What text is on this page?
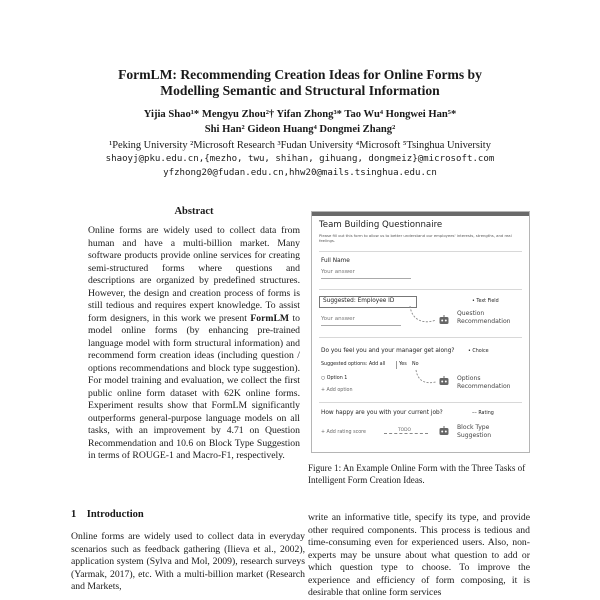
FormLM: Recommending Creation Ideas for Online Forms by
Modelling Semantic and Structural Information
Yijia Shao¹* Mengyu Zhou²† Yifan Zhong³* Tao Wu⁴ Hongwei Han⁵*
Shi Han² Gideon Huang⁴ Dongmei Zhang²
¹Peking University ²Microsoft Research ³Fudan University ⁴Microsoft ⁵Tsinghua University
shaoyj@pku.edu.cn,{mezho, twu, shihan, gihuang, dongmeiz}@microsoft.com
yfzhong20@fudan.edu.cn,hhw20@mails.tsinghua.edu.cn
Abstract
Online forms are widely used to collect data from human and have a multi-billion market. Many software products provide online services for creating semi-structured forms where questions and descriptions are organized by predefined structures. However, the design and creation process of forms is still tedious and requires expert knowledge. To assist form designers, in this work we present FormLM to model online forms (by enhancing pre-trained language model with form structural information) and recommend form creation ideas (including question / options recommendations and block type suggestion). For model training and evaluation, we collect the first public online form dataset with 62K online forms. Experiment results show that FormLM significantly outperforms general-purpose language models on all tasks, with an improvement by 4.71 on Question Recommendation and 10.6 on Block Type Suggestion in terms of ROUGE-1 and Macro-F1, respectively.
Team Building Questionnaire
Please fill out this form to allow us to better understand our employees' interests, strengths, and real feelings.
Full Name
Your answer
Suggested: Employee ID	• Text Field
Your answer
Question
Recommendation
Do you feel you and your manager get along?	• Choice
Suggested options: Add all	Yes No
○ Option 1
+ Add option
Options
Recommendation
How happy are you with your current job?	–– Rating
+ Add rating score	TODO	Block Type
Suggestion
Figure 1: An Example Online Form with the Three Tasks of Intelligent Form Creation Ideas.
1 Introduction
Online forms are widely used to collect data in everyday scenarios such as feedback gathering (Ilieva et al., 2002), application system (Sylva and Mol, 2009), research surveys (Yarmak, 2017), etc. With a multi-billion market (Research and Markets,
write an informative title, specify its type, and provide other required components. This process is tedious and time-consuming even for experienced users. Also, non-experts may be unsure about what question to add or which question type to choose. To improve the experience and efficiency of form composing, it is desirable that online form services
